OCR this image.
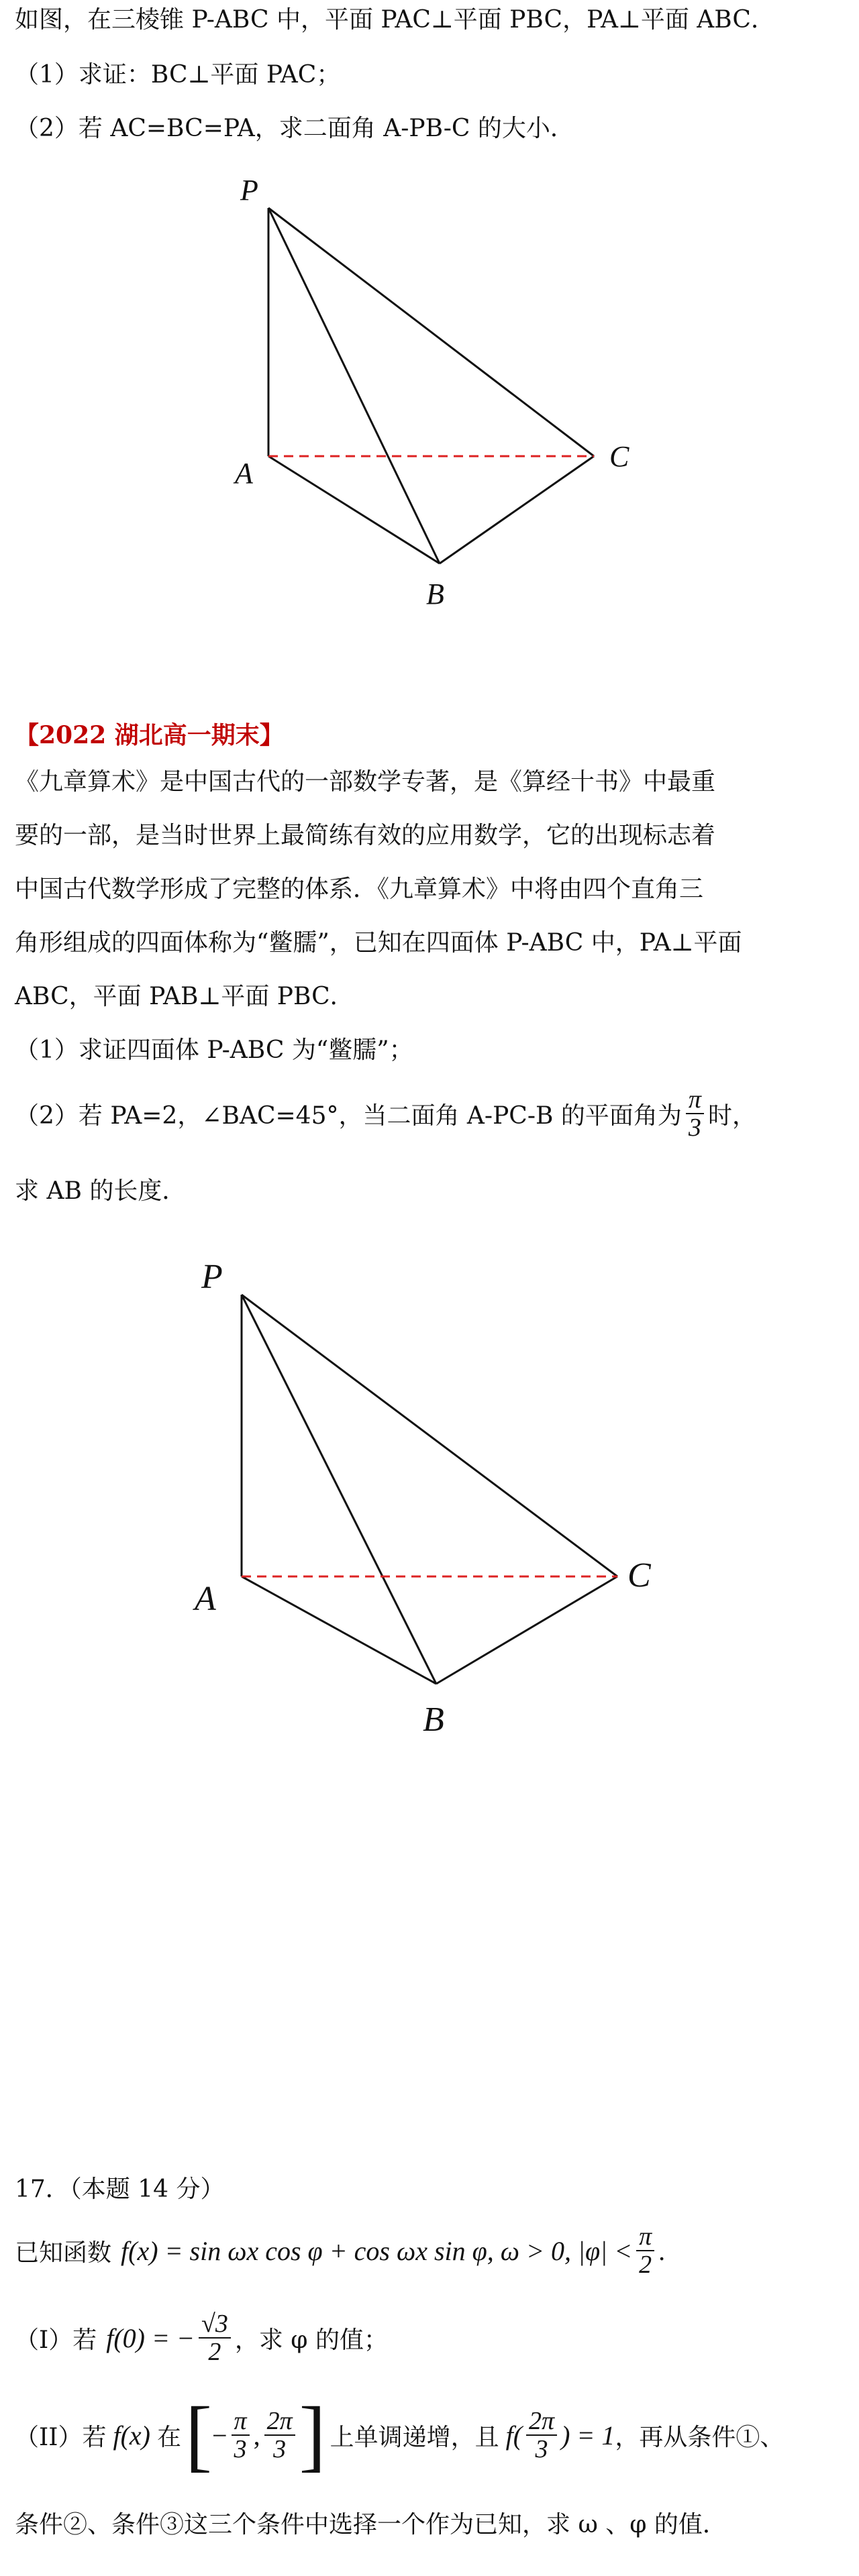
如图，在三棱锥 P-ABC 中，平面 PAC⊥平面 PBC，PA⊥平面 ABC．
（1）求证：BC⊥平面 PAC；
（2）若 AC=BC=PA，求二面角 A-PB-C 的大小．
P
A
B
C
【2022 湖北高一期末】
《九章算术》是中国古代的一部数学专著，是《算经十书》中最重
要的一部，是当时世界上最简练有效的应用数学，它的出现标志着
中国古代数学形成了完整的体系．《九章算术》中将由四个直角三
角形组成的四面体称为“鳖臑”，已知在四面体 P-ABC 中，PA⊥平面
ABC，平面 PAB⊥平面 PBC．
（1）求证四面体 P-ABC 为“鳖臑”；
（2）若 PA=2，∠BAC=45°，当二面角 A-PC-B 的平面角为 $\frac{\pi}{3}$ 时，
求 AB 的长度．
P
A
B
C
17．（本题 14 分）
已知函数 f(x) = sin ωx cos φ + cos ωx sin φ, ω > 0, $|\varphi| < \frac{\pi}{2}$ .
（I）若 f(0) = − $\frac{√3}{2}$ ，求 φ 的值；
（II）若 f(x) 在 [ − $\frac{\pi}{3}$ , $\frac{2\pi}{3}$ ] 上单调递增，且 $f( \frac{2\pi}{3}$ ) = 1 ，再从条件①、
条件②、条件③这三个条件中选择一个作为已知，求 ω 、φ 的值．
